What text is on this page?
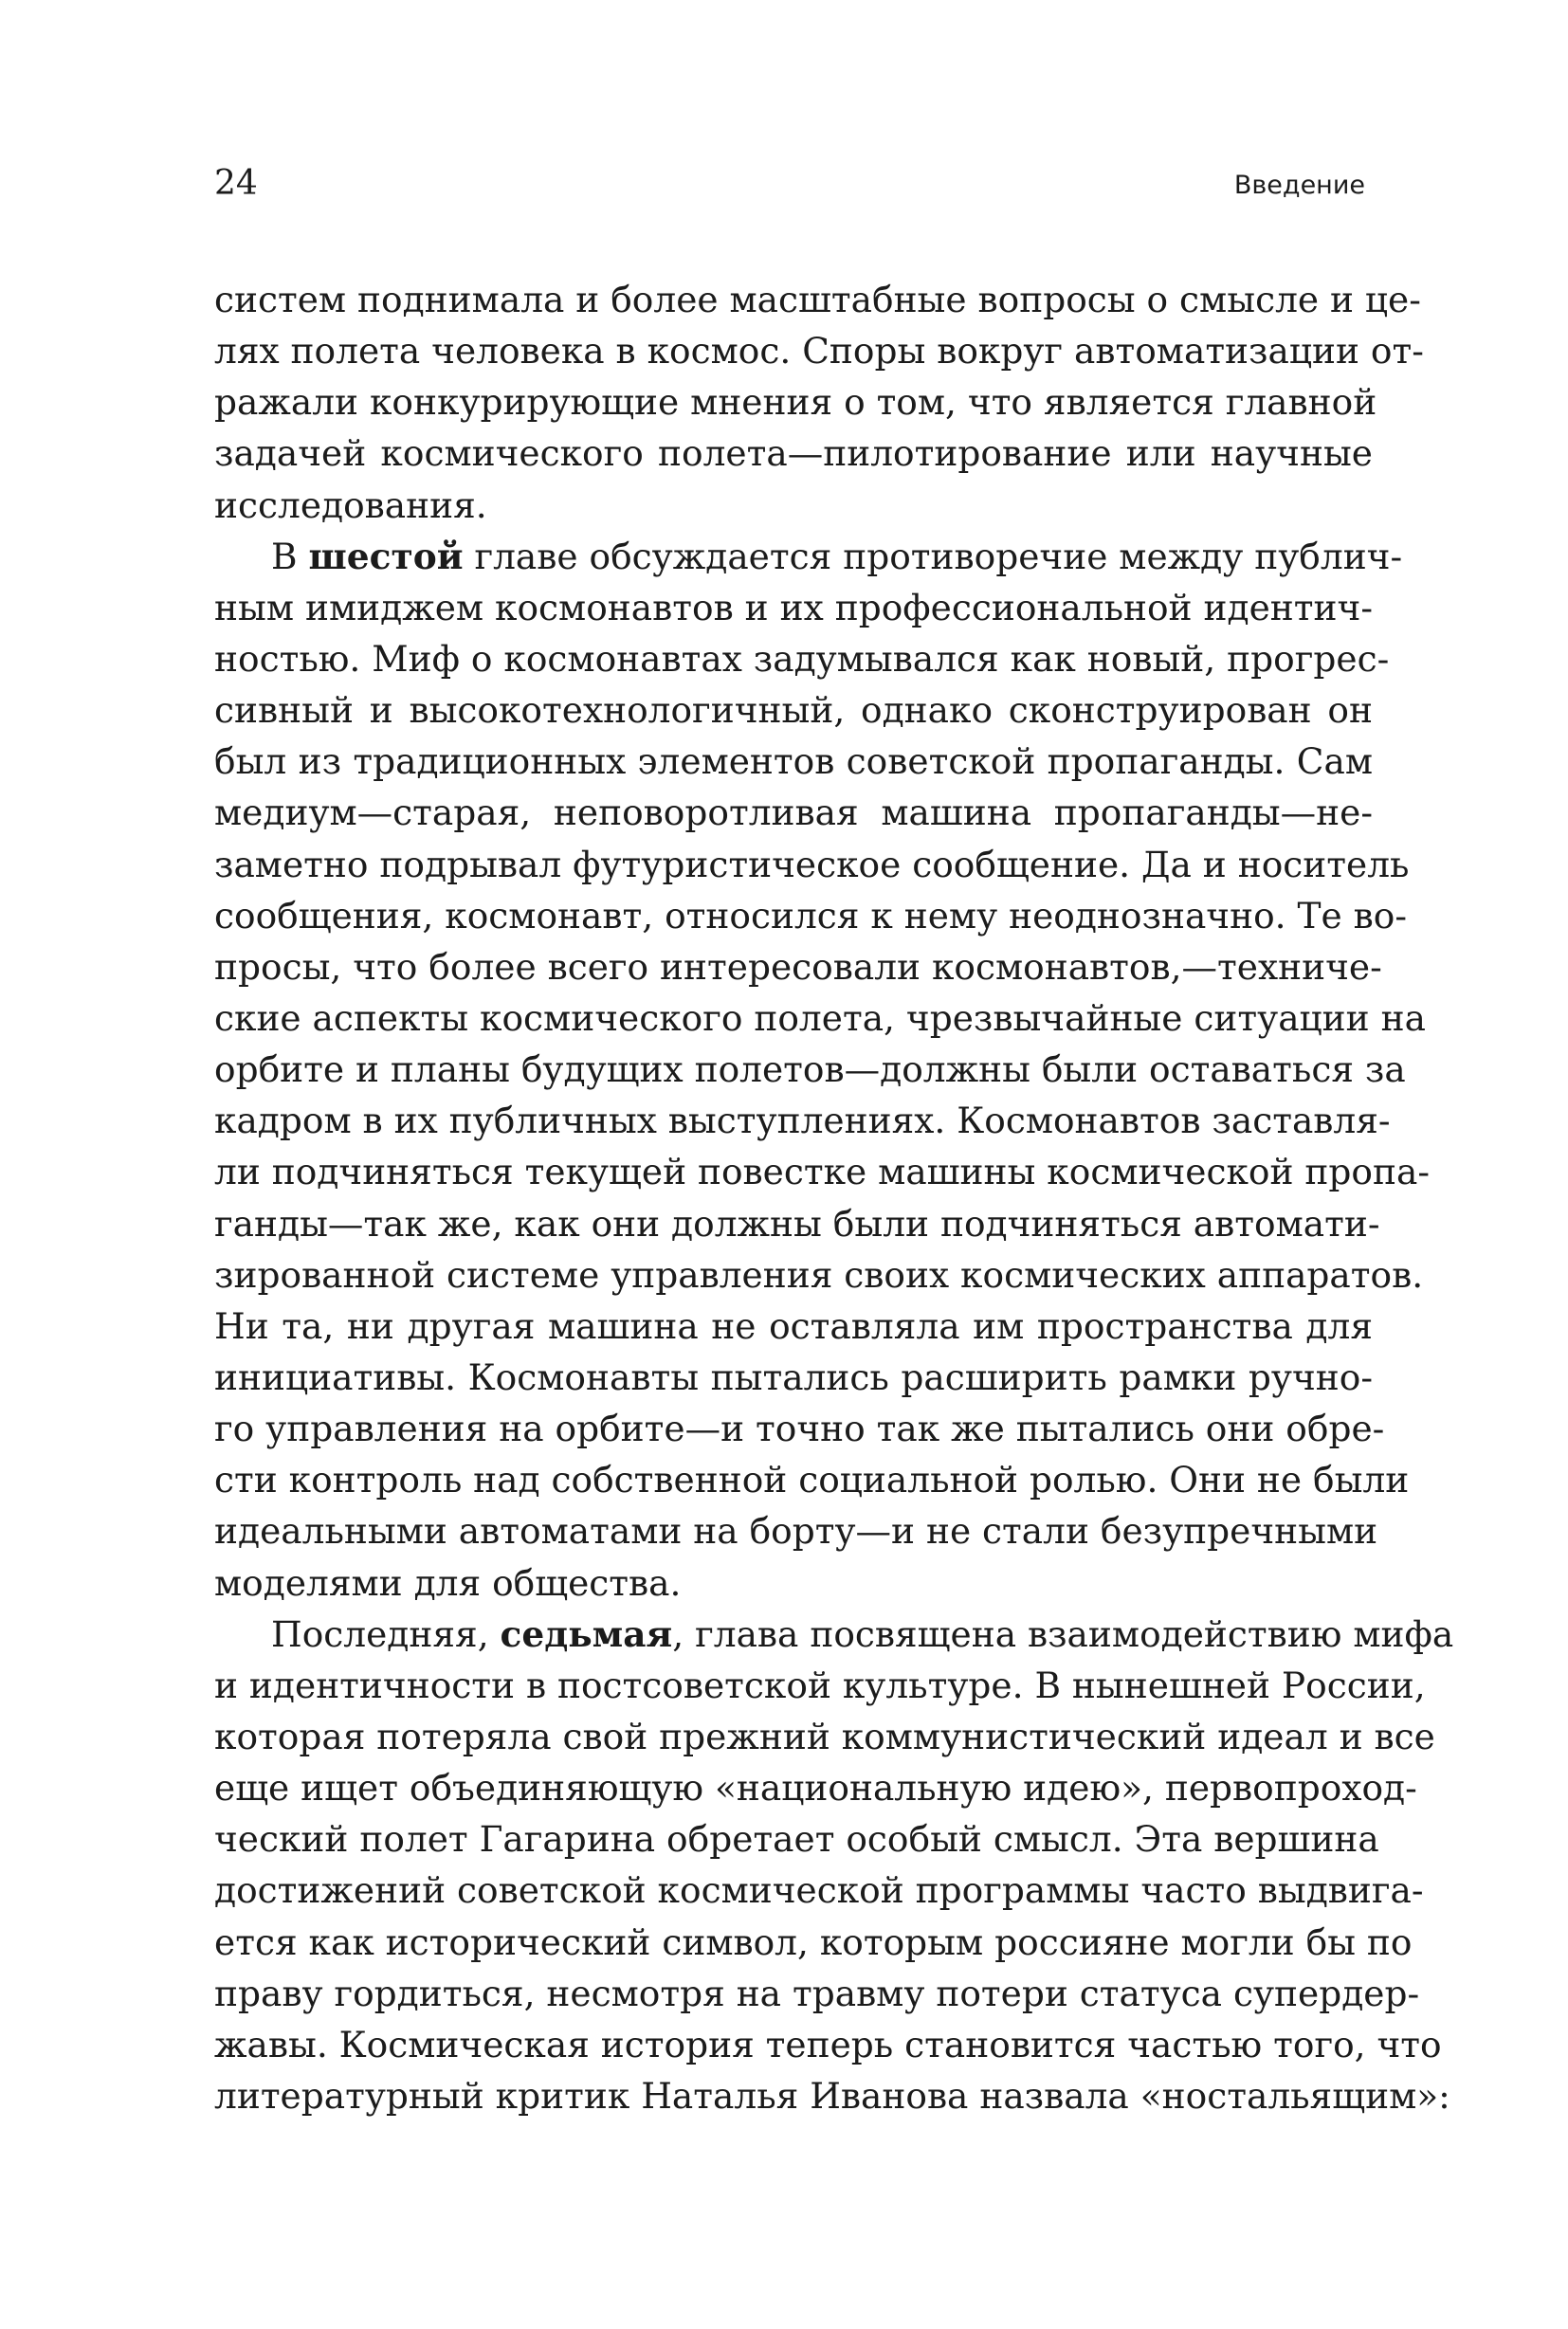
24	Введение
систем поднимала и более масштабные вопросы о смысле и це-
лях полета человека в космос. Споры вокруг автоматизации от-
ражали конкурирующие мнения о том, что является главной
задачей космического полета—пилотирование или научные
исследования.
В шестой главе обсуждается противоречие между публич-
ным имиджем космонавтов и их профессиональной идентич-
ностью. Миф о космонавтах задумывался как новый, прогрес-
сивный и высокотехнологичный, однако сконструирован он
был из традиционных элементов советской пропаганды. Сам
медиум—старая, неповоротливая машина пропаганды—не-
заметно подрывал футуристическое сообщение. Да и носитель
сообщения, космонавт, относился к нему неоднозначно. Те во-
просы, что более всего интересовали космонавтов,—техниче-
ские аспекты космического полета, чрезвычайные ситуации на
орбите и планы будущих полетов—должны были оставаться за
кадром в их публичных выступлениях. Космонавтов заставля-
ли подчиняться текущей повестке машины космической пропа-
ганды—так же, как они должны были подчиняться автомати-
зированной системе управления своих космических аппаратов.
Ни та, ни другая машина не оставляла им пространства для
инициативы. Космонавты пытались расширить рамки ручно-
го управления на орбите—и точно так же пытались они обре-
сти контроль над собственной социальной ролью. Они не были
идеальными автоматами на борту—и не стали безупречными
моделями для общества.
Последняя, седьмая, глава посвящена взаимодействию мифа
и идентичности в постсоветской культуре. В нынешней России,
которая потеряла свой прежний коммунистический идеал и все
еще ищет объединяющую «национальную идею», первопроход-
ческий полет Гагарина обретает особый смысл. Эта вершина
достижений советской космической программы часто выдвига-
ется как исторический символ, которым россияне могли бы по
праву гордиться, несмотря на травму потери статуса супердер-
жавы. Космическая история теперь становится частью того, что
литературный критик Наталья Иванова назвала «ностальящим»:
